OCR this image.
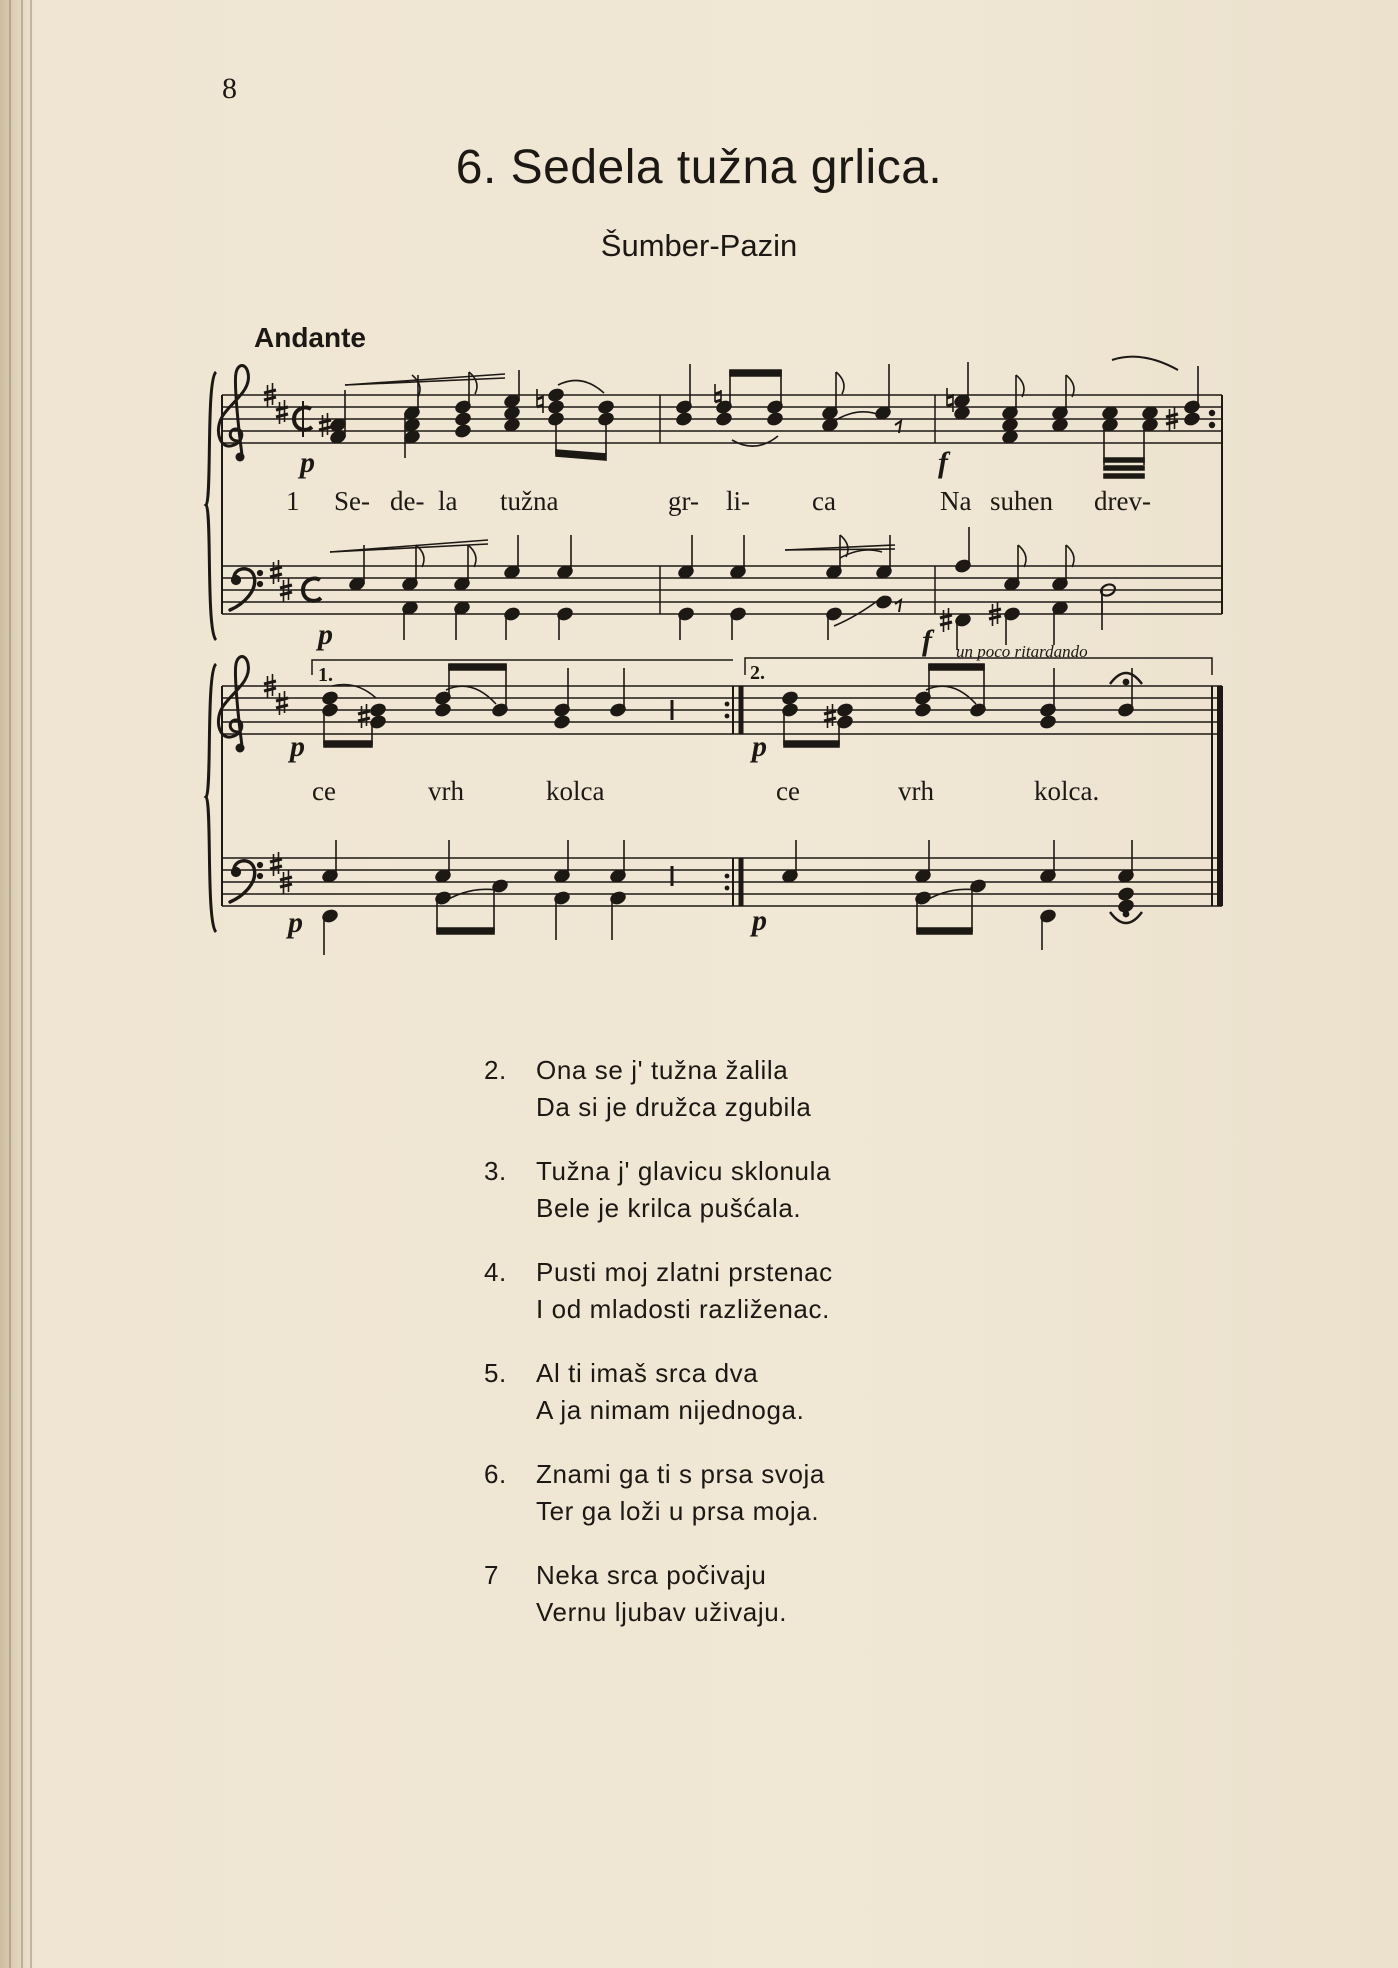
8
6. Sedela tužna grlica.
Šumber-Pazin
Andante
p
p
f
f
p	p
p	p
un poco ritardando
1.	2.
1 Se- de- la tužna	gr- li- ca	Na suhen drev-
ce	vrh	kolca	ce	vrh	kolca.
2. Ona se j' tužna žalila
Da si je družca zgubila
3. Tužna j' glavicu sklonula
Bele je krilca pušćala.
4. Pusti moj zlatni prstenac
I od mladosti razliženac.
5. Al ti imaš srca dva
A ja nimam nijednoga.
6. Znami ga ti s prsa svoja
Ter ga loži u prsa moja.
7 Neka srca počivaju
Vernu ljubav uživaju.
